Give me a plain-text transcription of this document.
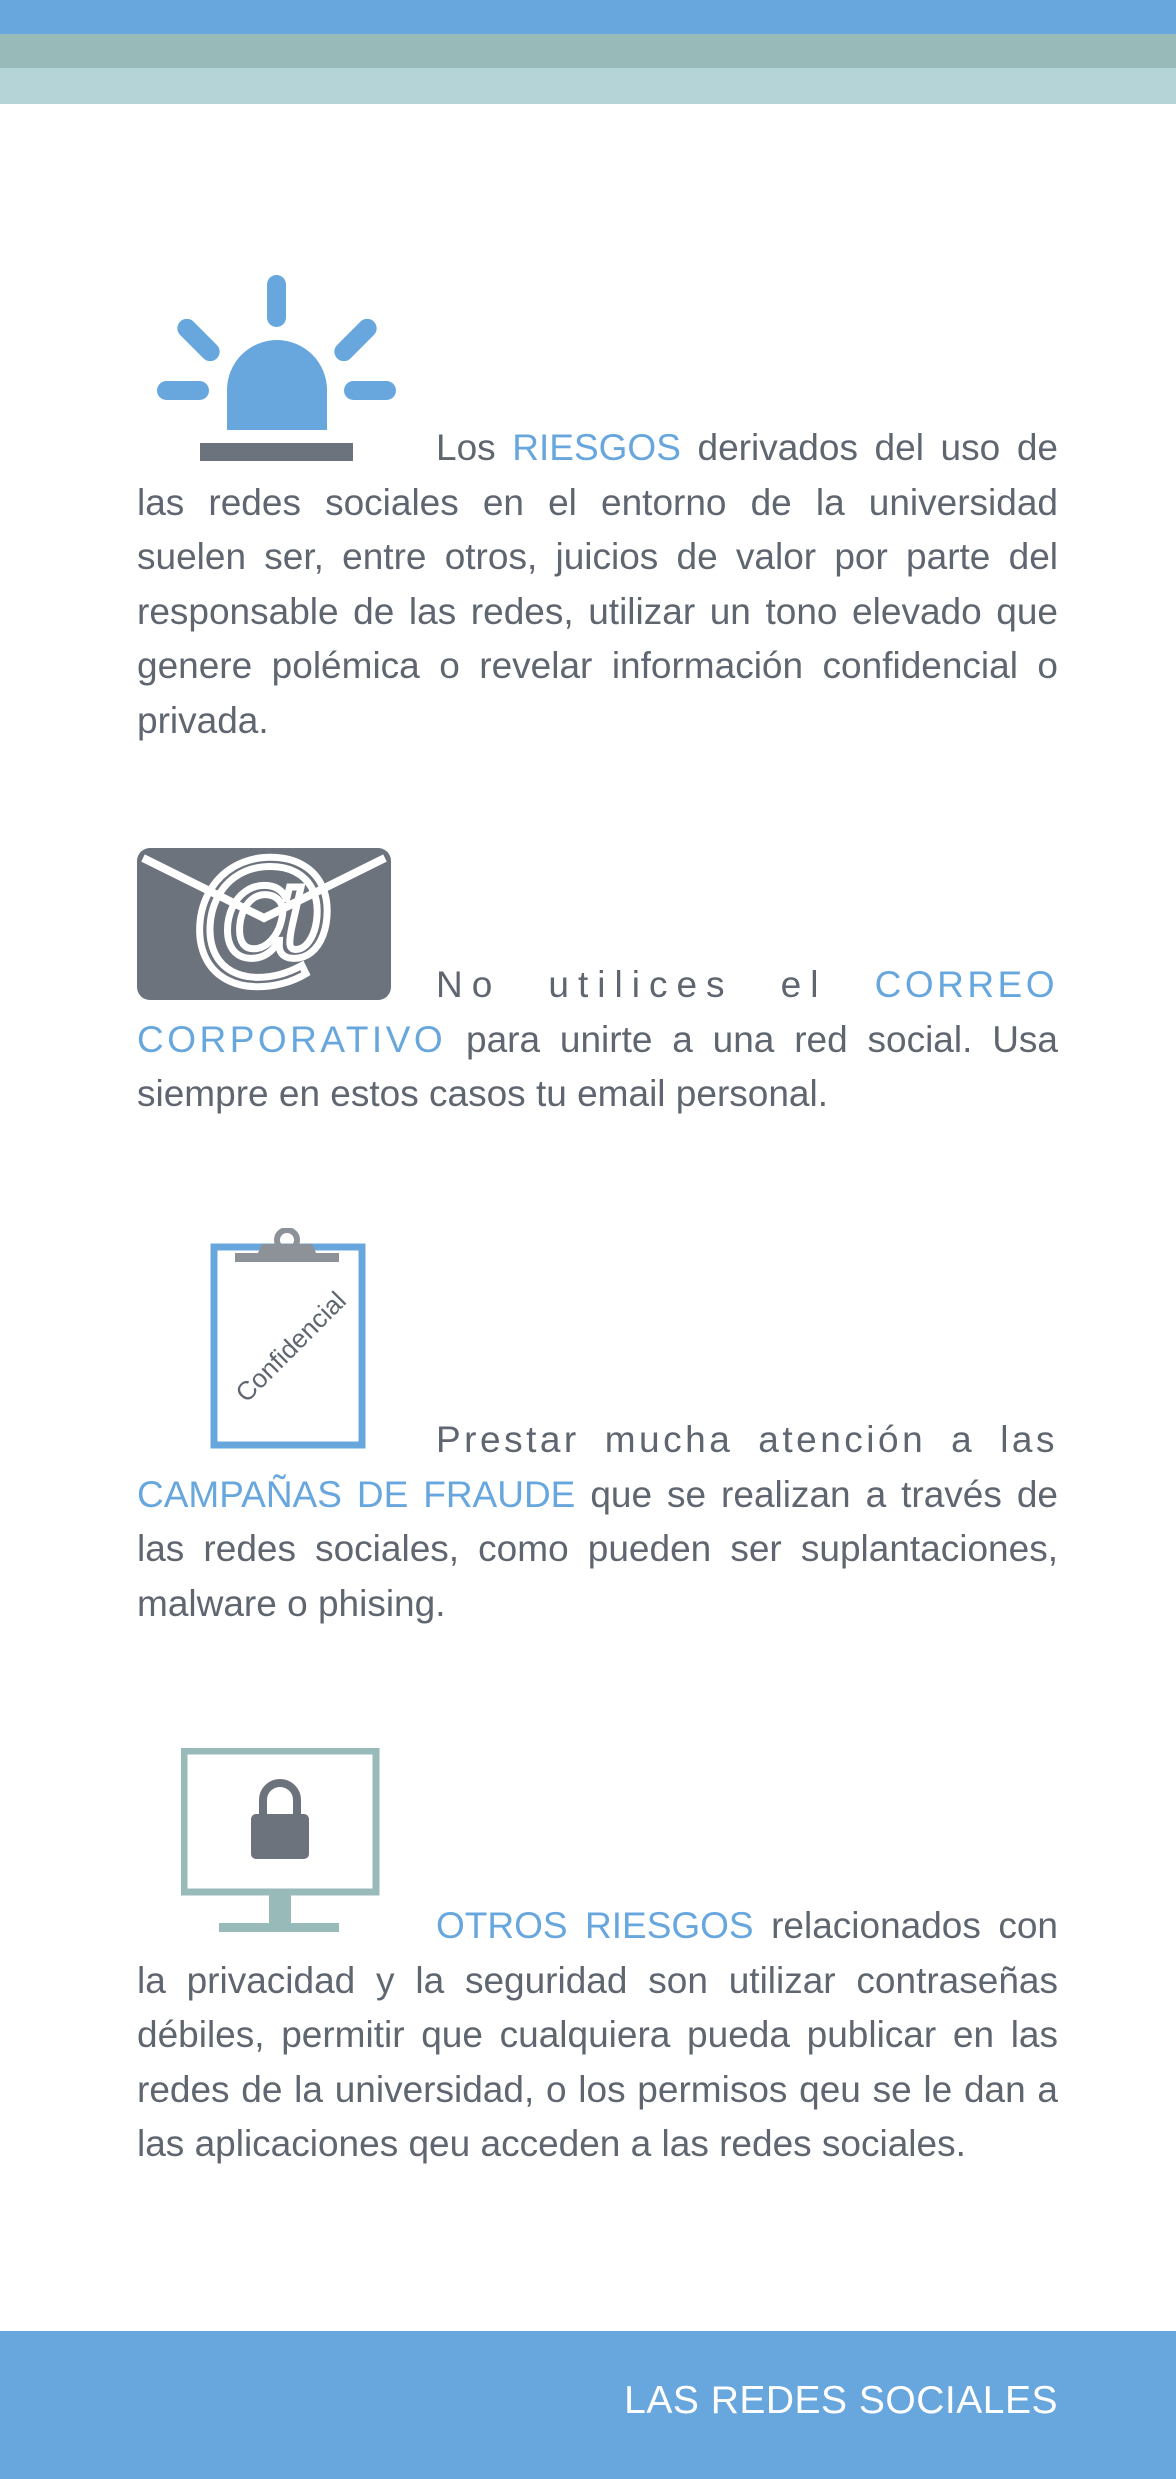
Los RIESGOS derivados del uso de las redes sociales en el entorno de la universidad suelen ser, entre otros, juicios de valor por parte del responsable de las redes, utilizar un tono elevado que genere polémica o revelar información confidencial o privada.

@	No utilices el CORREO CORPORATIVO para unirte a una red social. Usa siempre en estos casos tu email personal.

Confidencial

Prestar mucha atención a las CAMPAÑAS DE FRAUDE que se realizan a través de las redes sociales, como pueden ser suplantaciones, malware o phising.

OTROS RIESGOS relacionados con la privacidad y la seguridad son utilizar contraseñas débiles, permitir que cualquiera pueda publicar en las redes de la universidad, o los permisos qeu se le dan a las aplicaciones qeu acceden a las redes sociales.

LAS REDES SOCIALES
